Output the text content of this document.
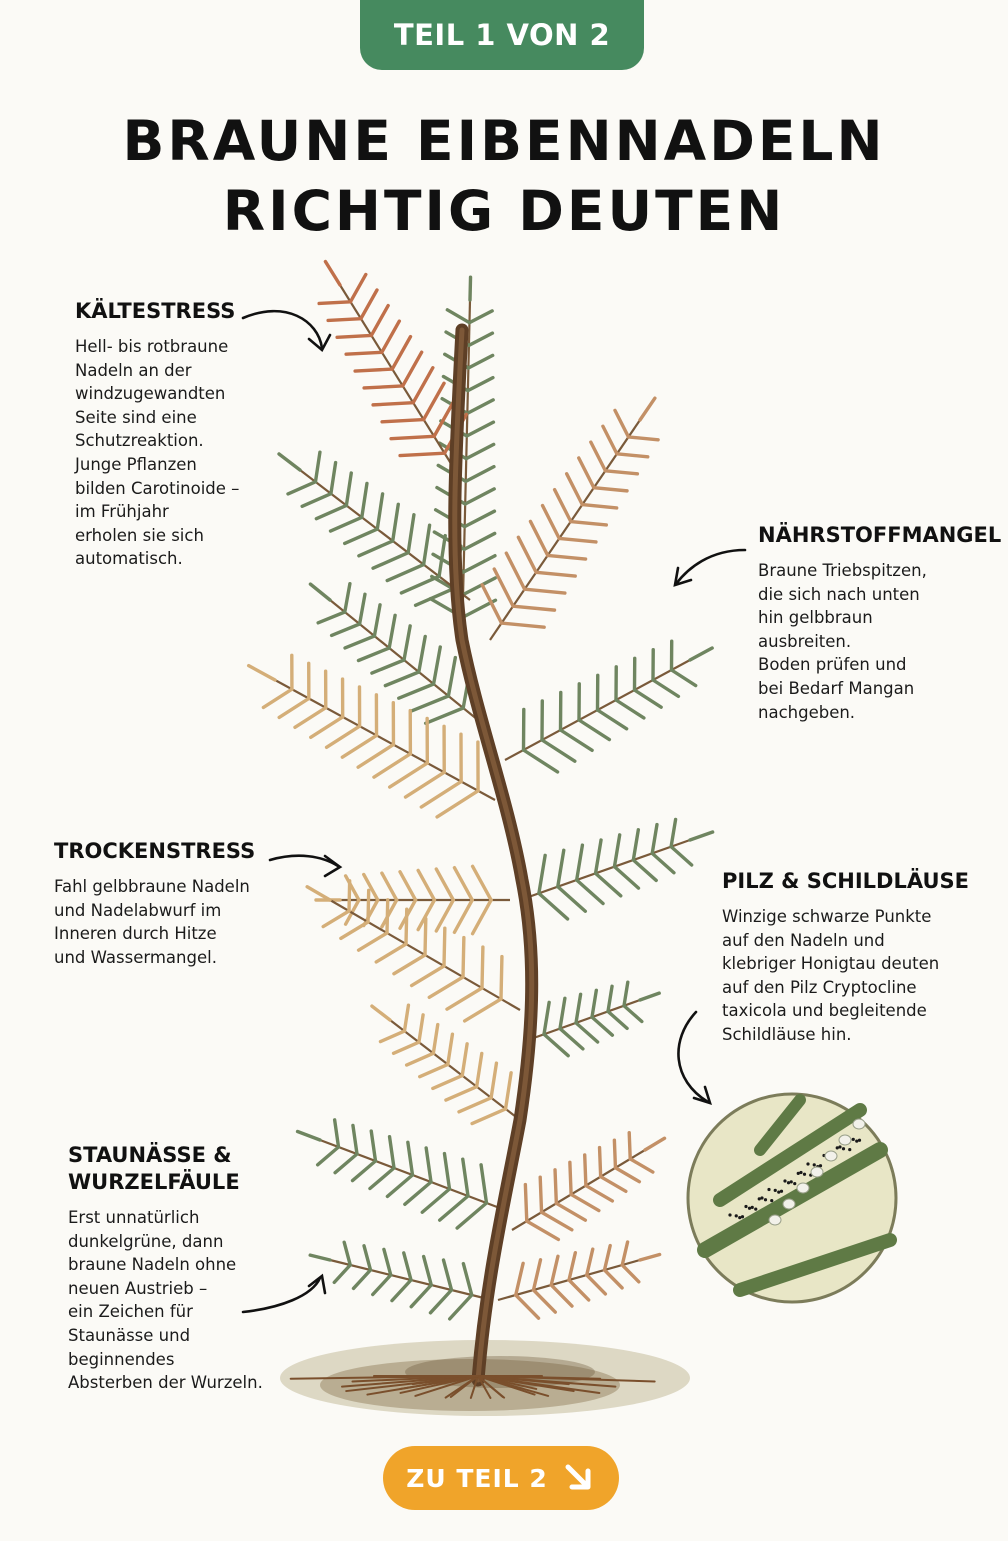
TEIL 1 VON 2
BRAUNE EIBENNADELN
RICHTIG DEUTEN
KÄLTESTRESS

Hell- bis rotbraune
Nadeln an der
windzugewandten
Seite sind eine
Schutzreaktion.
Junge Pflanzen
bilden Carotinoide –
im Frühjahr
erholen sie sich
automatisch.

NÄHRSTOFFMANGEL

Braune Triebspitzen,
die sich nach unten
hin gelbbraun
ausbreiten.
Boden prüfen und
bei Bedarf Mangan
nachgeben.

TROCKENSTRESS

Fahl gelbbraune Nadeln
und Nadelabwurf im
Inneren durch Hitze
und Wassermangel.

PILZ & SCHILDLÄUSE

Winzige schwarze Punkte
auf den Nadeln und
klebriger Honigtau deuten
auf den Pilz Cryptocline
taxicola und begleitende
Schildläuse hin.

STAUNÄSSE &
WURZELFÄULE

Erst unnatürlich
dunkelgrüne, dann
braune Nadeln ohne
neuen Austrieb –
ein Zeichen für
Staunässe und
beginnendes
Absterben der Wurzeln.

ZU TEIL 2
